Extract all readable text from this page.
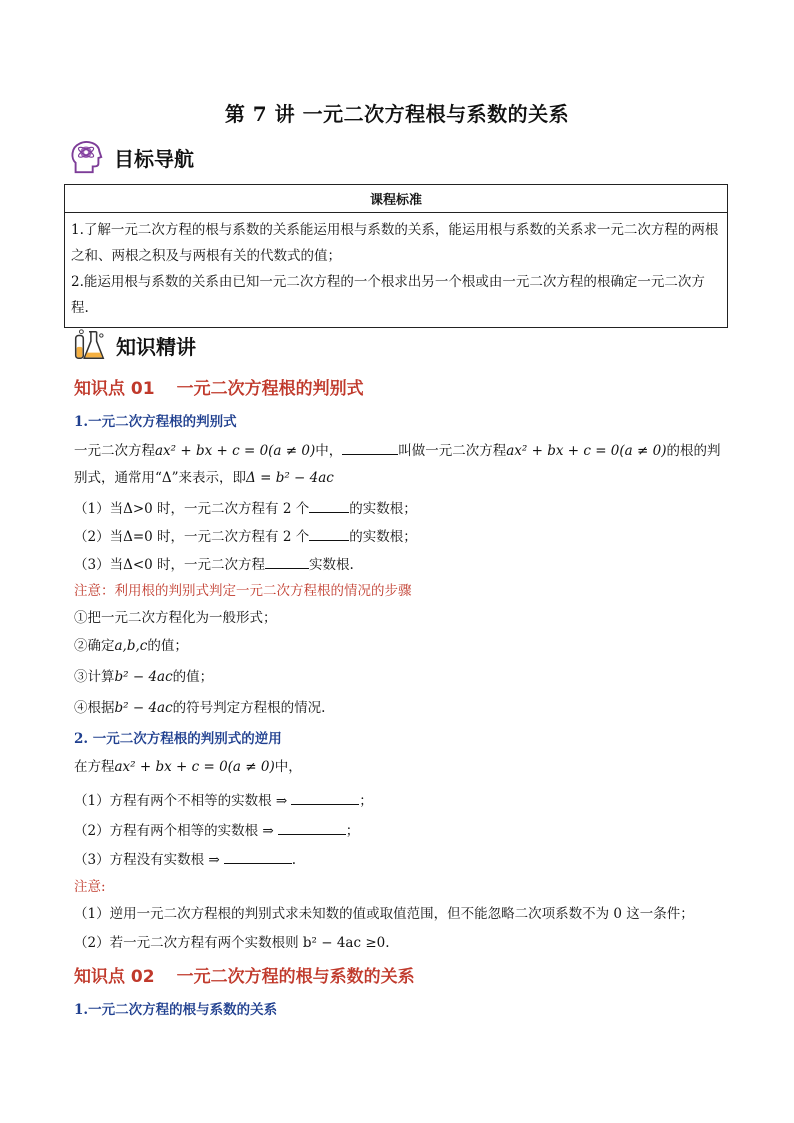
第 7 讲 一元二次方程根与系数的关系
目标导航
课程标准

1.了解一元二次方程的根与系数的关系能运用根与系数的关系，能运用根与系数的关系求一元二次方程的两根之和、两根之积及与两根有关的代数式的值；
2.能运用根与系数的关系由已知一元二次方程的一个根求出另一个根或由一元二次方程的根确定一元二次方程.
知识精讲
知识点 01 一元二次方程根的判别式
1.一元二次方程根的判别式
一元二次方程ax² + bx + c = 0(a ≠ 0)中，	叫做一元二次方程ax² + bx + c = 0(a ≠ 0)的根的判
别式，通常用“Δ”来表示，即Δ = b² − 4ac
（1）当Δ>0 时，一元二次方程有 2 个	的实数根；
（2）当Δ=0 时，一元二次方程有 2 个	的实数根；
（3）当Δ<0 时，一元二次方程	实数根.
注意：利用根的判别式判定一元二次方程根的情况的步骤
①把一元二次方程化为一般形式；
②确定a,b,c的值；
③计算b² − 4ac的值；
④根据b² − 4ac的符号判定方程根的情况.
2. 一元二次方程根的判别式的逆用
在方程ax² + bx + c = 0(a ≠ 0)中，
（1）方程有两个不相等的实数根 ⇒	；
（2）方程有两个相等的实数根 ⇒	；
（3）方程没有实数根 ⇒	.
注意:
（1）逆用一元二次方程根的判别式求未知数的值或取值范围，但不能忽略二次项系数不为 0 这一条件；
（2）若一元二次方程有两个实数根则 b² − 4ac ≥0.
知识点 02 一元二次方程的根与系数的关系
1.一元二次方程的根与系数的关系
